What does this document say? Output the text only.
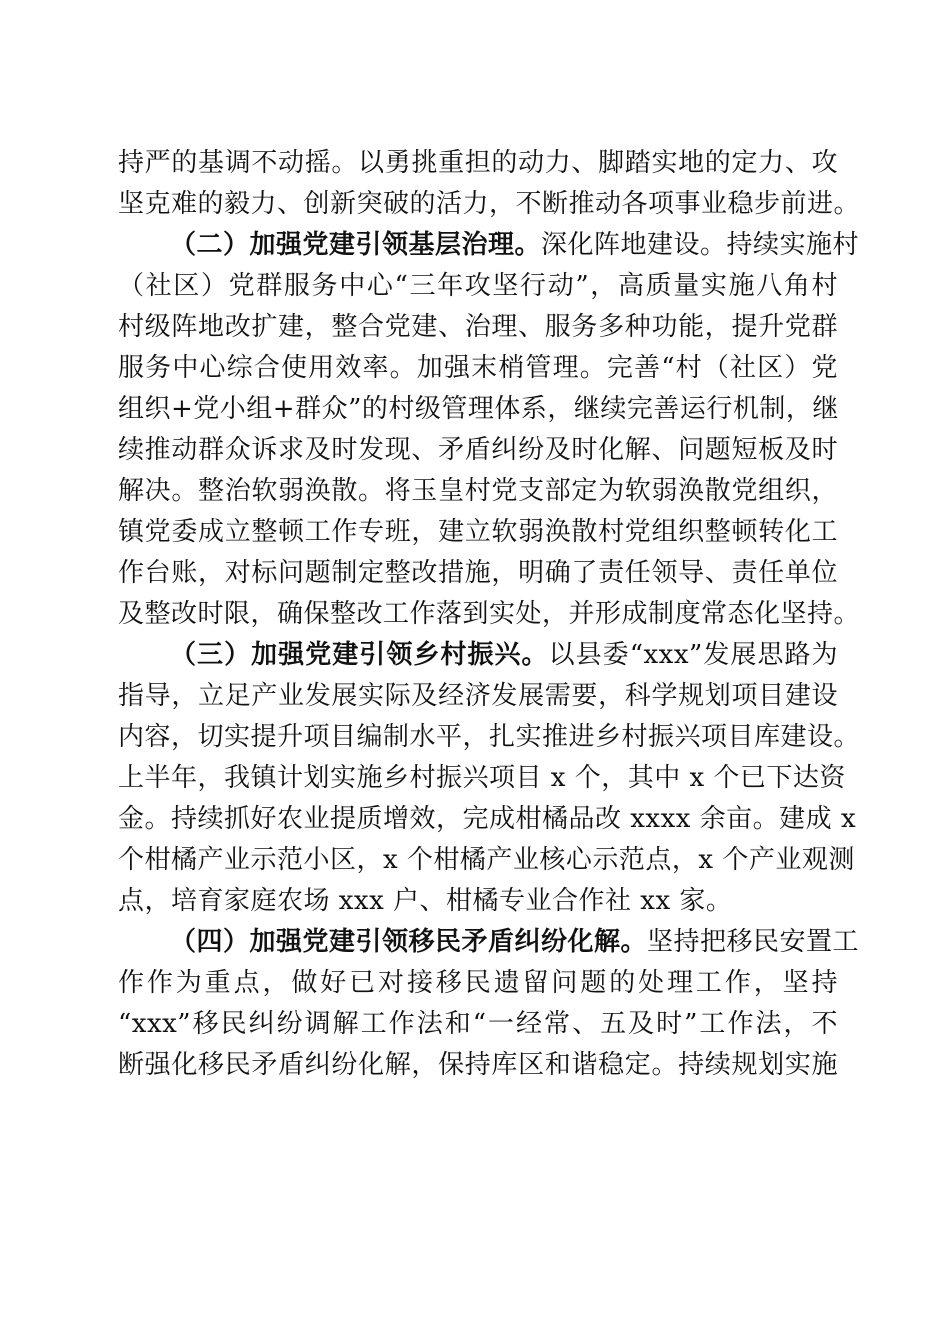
持严的基调不动摇。以勇挑重担的动力、脚踏实地的定力、攻
坚克难的毅力、创新突破的活力，不断推动各项事业稳步前进。
（二）加强党建引领基层治理。深化阵地建设。持续实施村
（社区）党群服务中心“三年攻坚行动”，高质量实施八角村
村级阵地改扩建，整合党建、治理、服务多种功能，提升党群
服务中心综合使用效率。加强末梢管理。完善“村（社区）党
组织+党小组+群众”的村级管理体系，继续完善运行机制，继
续推动群众诉求及时发现、矛盾纠纷及时化解、问题短板及时
解决。整治软弱涣散。将玉皇村党支部定为软弱涣散党组织，
镇党委成立整顿工作专班，建立软弱涣散村党组织整顿转化工
作台账，对标问题制定整改措施，明确了责任领导、责任单位
及整改时限，确保整改工作落到实处，并形成制度常态化坚持。
（三）加强党建引领乡村振兴。以县委“xxx”发展思路为
指导，立足产业发展实际及经济发展需要，科学规划项目建设
内容，切实提升项目编制水平，扎实推进乡村振兴项目库建设。
上半年，我镇计划实施乡村振兴项目 x 个，其中 x 个已下达资
金。持续抓好农业提质增效，完成柑橘品改 xxxx 余亩。建成 x
个柑橘产业示范小区，x 个柑橘产业核心示范点，x 个产业观测
点，培育家庭农场 xxx 户、柑橘专业合作社 xx 家。
（四）加强党建引领移民矛盾纠纷化解。坚持把移民安置工
作作为重点，做好已对接移民遗留问题的处理工作，坚持
“xxx”移民纠纷调解工作法和“一经常、五及时”工作法，不
断强化移民矛盾纠纷化解，保持库区和谐稳定。持续规划实施
